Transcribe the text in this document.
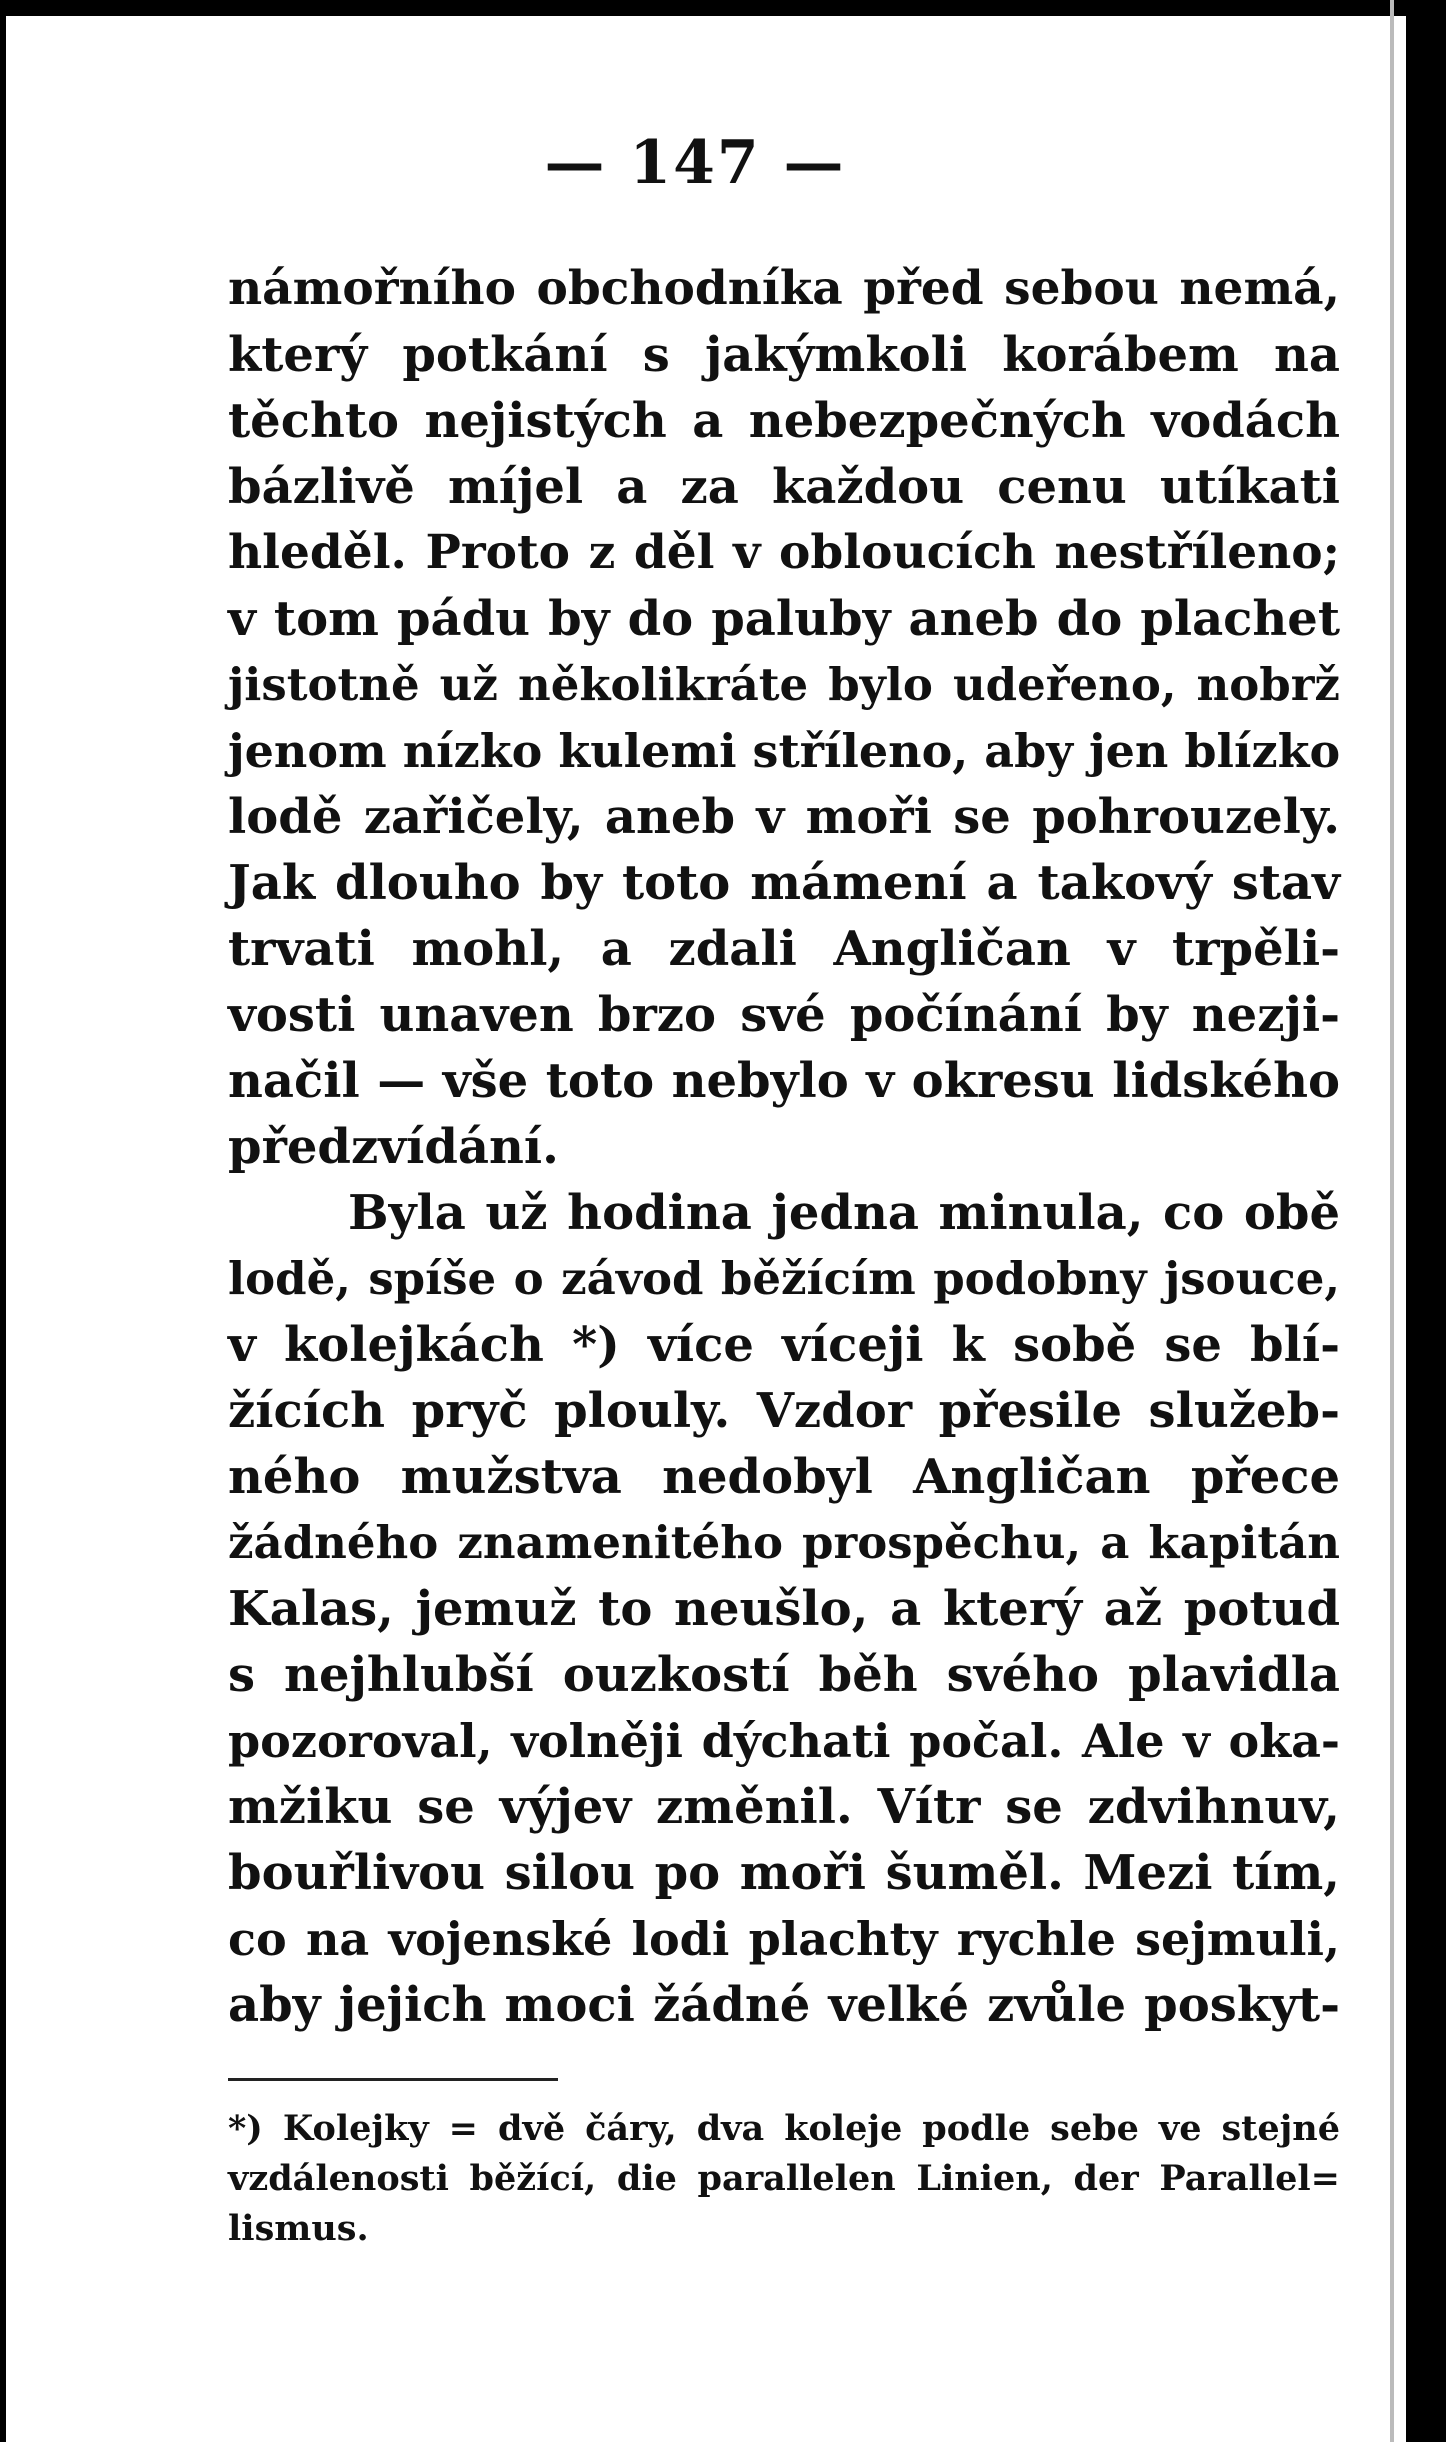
— 147 —
námořního obchodníka před sebou nemá,
který potkání s jakýmkoli korábem na
těchto nejistých a nebezpečných vodách
bázlivě míjel a za každou cenu utíkati
hleděl. Proto z děl v obloucích nestříleno;
v tom pádu by do paluby aneb do plachet
jistotně už několikráte bylo udeřeno, nobrž
jenom nízko kulemi stříleno, aby jen blízko
lodě zařičely, aneb v moři se pohrouzely.
Jak dlouho by toto mámení a takový stav
trvati mohl, a zdali Angličan v trpěli-
vosti unaven brzo své počínání by nezji-
načil — vše toto nebylo v okresu lidského
předzvídání.
Byla už hodina jedna minula, co obě
lodě, spíše o závod běžícím podobny jsouce,
v kolejkách *) více víceji k sobě se blí-
žících pryč plouly. Vzdor přesile služeb-
ného mužstva nedobyl Angličan přece
žádného znamenitého prospěchu, a kapitán
Kalas, jemuž to neušlo, a který až potud
s nejhlubší ouzkostí běh svého plavidla
pozoroval, volněji dýchati počal. Ale v oka-
mžiku se výjev změnil. Vítr se zdvihnuv,
bouřlivou silou po moři šuměl. Mezi tím,
co na vojenské lodi plachty rychle sejmuli,
aby jejich moci žádné velké zvůle poskyt-
*) Kolejky = dvě čáry, dva koleje podle sebe ve stejné
vzdálenosti běžící, die parallelen Linien, der Parallel=
lismus.
